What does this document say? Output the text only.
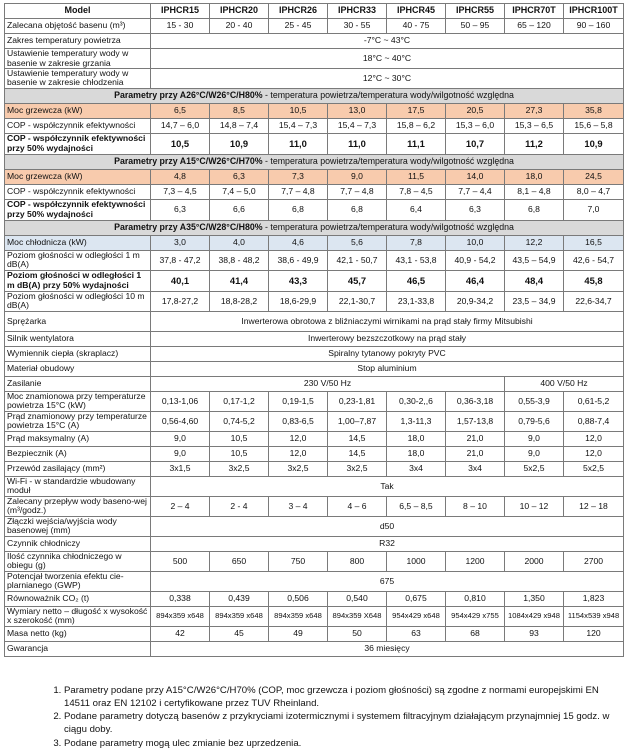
Model	IPHCR15	IPHCR20	IPHCR26	IPHCR33	IPHCR45	IPHCR55	IPHCR70T	IPHCR100T
Zalecana objętość basenu (m³)	15 - 30	20 - 40	25 - 45	30 - 55	40 - 75	50 – 95	65 – 120	90 – 160
Zakres temperatury powietrza	-7°C ~ 43°C							
Ustawienie temperatury wody w basenie w zakresie grzania	18°C ~ 40°C							
Ustawienie temperatury wody w basenie w zakresie chłodzenia	12°C ~ 30°C							
Parametry przy A26°C/W26°C/H80% - temperatura powietrza/temperatura wody/wilgotność względna								
Moc grzewcza (kW)	6,5	8,5	10,5	13,0	17,5	20,5	27,3	35,8
COP - współczynnik efektywności	14,7 – 6,0	14,8 – 7,4	15,4 – 7,3	15,4 – 7,3	15,8 – 6,2	15,3 – 6,0	15,3 – 6,5	15,6 – 5,8
COP - współczynnik efektywności przy 50% wydajności	10,5	10,9	11,0	11,0	11,1	10,7	11,2	10,9
Parametry przy A15°C/W26°C/H70% - temperatura powietrza/temperatura wody/wilgotność względna								
Moc grzewcza (kW)	4,8	6,3	7,3	9,0	11,5	14,0	18,0	24,5
COP - współczynnik efektywności	7,3 – 4,5	7,4 – 5,0	7,7 – 4,8	7,7 – 4,8	7,8 – 4,5	7,7 – 4,4	8,1 – 4,8	8,0 – 4,7
COP - współczynnik efektywności przy 50% wydajności	6,3	6,6	6,8	6,8	6,4	6,3	6,8	7,0
Parametry przy A35°C/W28°C/H80% - temperatura powietrza/temperatura wody/wilgotność względna								
Moc chłodnicza (kW)	3,0	4,0	4,6	5,6	7,8	10,0	12,2	16,5
Poziom głośności w odległości 1 m dB(A)	37,8 - 47,2	38,8 - 48,2	38,6 - 49,9	42,1 - 50,7	43,1 - 53,8	40,9 - 54,2	43,5 – 54,9	42,6 - 54,7
Poziom głośności w odległości 1 m dB(A) przy 50% wydajności	40,1	41,4	43,3	45,7	46,5	46,4	48,4	45,8
Poziom głośności w odległości 10 m dB(A)	17,8-27,2	18,8-28,2	18,6-29,9	22,1-30,7	23,1-33,8	20,9-34,2	23,5 – 34,9	22,6-34,7
Sprężarka	Inwerterowa obrotowa z bliźniaczymi wirnikami na prąd stały firmy Mitsubishi							
Silnik wentylatora	Inwerterowy bezszczotkowy na prąd stały							
Wymiennik ciepła (skraplacz)	Spiralny tytanowy pokryty PVC							
Materiał obudowy	Stop aluminium							
Zasilanie	230 V/50 Hz						400 V/50 Hz	
Moc znamionowa przy temperaturze powietrza 15°C (kW)	0,13-1,06	0,17-1,2	0,19-1,5	0,23-1,81	0,30-2,,6	0,36-3,18	0,55-3,9	0,61-5,2
Prąd znamionowy przy temperaturze powietrza 15°C (A)	0,56-4,60	0,74-5,2	0,83-6,5	1,00–7,87	1,3-11,3	1,57-13,8	0,79-5,6	0,88-7,4
Prąd maksymalny (A)	9,0	10,5	12,0	14,5	18,0	21,0	9,0	12,0
Bezpiecznik (A)	9,0	10,5	12,0	14,5	18,0	21,0	9,0	12,0
Przewód zasilający (mm²)	3x1,5	3x2,5	3x2,5	3x2,5	3x4	3x4	5x2,5	5x2,5
Wi-Fi - w standardzie wbudowany moduł	Tak							
Zalecany przepływ wody baseno-wej (m³/godz.)	2 – 4	2 - 4	3 – 4	4 – 6	6,5 – 8,5	8 – 10	10 – 12	12 – 18
Złączki wejścia/wyjścia wody basenowej (mm)	d50							
Czynnik chłodniczy	R32							
Ilość czynnika chłodniczego w obiegu (g)	500	650	750	800	1000	1200	2000	2700
Potencjał tworzenia efektu cie-plarnianego (GWP)	675							
Równoważnik CO₂ (t)	0,338	0,439	0,506	0,540	0,675	0,810	1,350	1,823
Wymiary netto – długość x wysokość x szerokość (mm)	894x359 x648	894x359 x648	894x359 x648	894x359 X648	954x429 x648	954x429 x755	1084x429 x948	1154x539 x948
Masa netto (kg)	42	45	49	50	63	68	93	120
Gwarancja	36 miesięcy							
1. Parametry podane przy A15°C/W26°C/H70% (COP, moc grzewcza i poziom głośności) są zgodne z normami europejskimi EN 14511 oraz EN 12102 i certyfikowane przez TUV Rheinland.
2. Podane parametry dotyczą basenów z przykryciami izotermicznymi i systemem filtracyjnym działającym przynajmniej 15 godz. w ciągu doby.
3. Podane parametry mogą ulec zmianie bez uprzedzenia.
